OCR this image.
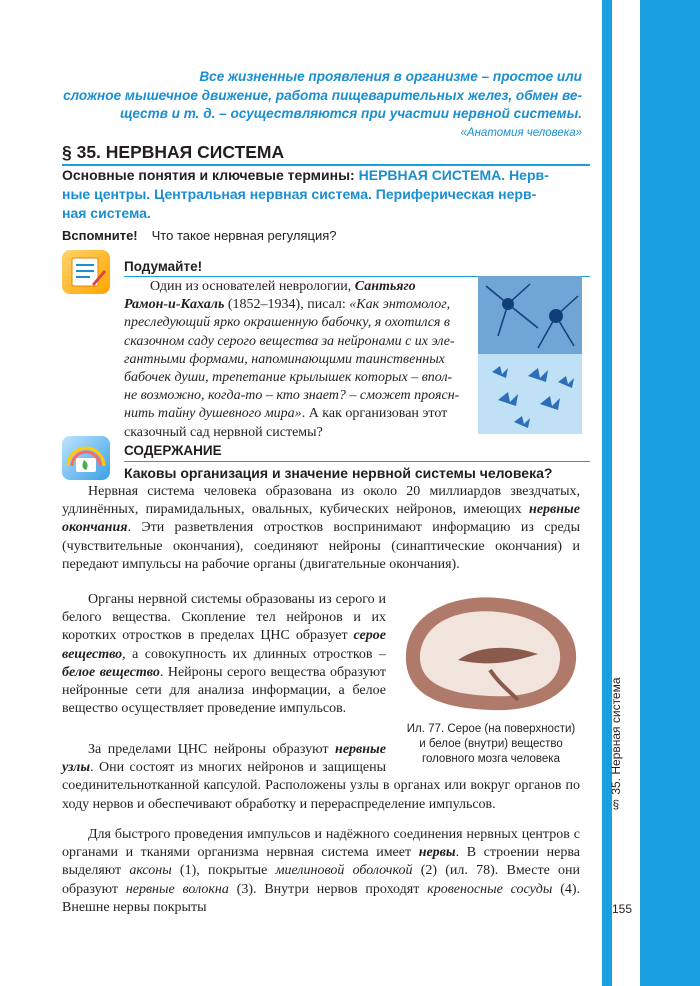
§ 35. Нервная система
155
Все жизненные проявления в организме – простое или
сложное мышечное движение, работа пищеварительных желез, обмен ве-
ществ и т. д. – осуществляются при участии нервной системы.
«Анатомия человека»
§ 35. НЕРВНАЯ СИСТЕМА
Основные понятия и ключевые термины: НЕРВНАЯ СИСТЕМА. Нерв-
ные центры. Центральная нервная система. Периферическая нерв-
ная система.
Вспомните! Что такое нервная регуляция?
Подумайте!
Один из основателей неврологии, Сантьяго
Рамон-и-Кахаль (1852–1934), писал: «Как энтомолог,
преследующий ярко окрашенную бабочку, я охотился в
сказочном саду серого вещества за нейронами с их эле-
гантными формами, напоминающими таинственных
бабочек души, трепетание крылышек которых – впол-
не возможно, когда-то – кто знает? – сможет проясн-
нить тайну душевного мира». А как организован этот
сказочный сад нервной системы?
СОДЕРЖАНИЕ
Каковы организация и значение нервной системы человека?

Нервная система человека образована из около 20 миллиардов звездчатых, удлинённых, пирамидальных, овальных, кубических нейронов, имеющих нервные окончания. Эти разветвления отростков воспринимают информацию из среды (чувствительные окончания), соединяют нейроны (синаптические окончания) и передают импульсы на рабочие органы (двигательные окончания).

Органы нервной системы образованы из серого и белого вещества. Скопление тел нейронов и их коротких отростков в пределах ЦНС образует серое вещество, а совокупность их длинных отростков – белое вещество. Нейроны серого вещества образуют нейронные сети для анализа информации, а белое вещество осуществляет проведение импульсов.

Ил. 77. Серое (на поверхности)
и белое (внутри) вещество
головного мозга человека

За пределами ЦНС нейроны образуют нервные узлы. Они состоят из многих нейронов и защищены соединительнотканной капсулой. Расположены узлы в органах или вокруг органов по ходу нервов и обеспечивают обработку и перераспределение импульсов.

Для быстрого проведения импульсов и надёжного соединения нервных центров с органами и тканями организма нервная система имеет нервы. В строении нерва выделяют аксоны (1), покрытые миелиновой оболочкой (2) (ил. 78). Вместе они образуют нервные волокна (3). Внутри нервов проходят кровеносные сосуды (4). Внешне нервы покрыты
